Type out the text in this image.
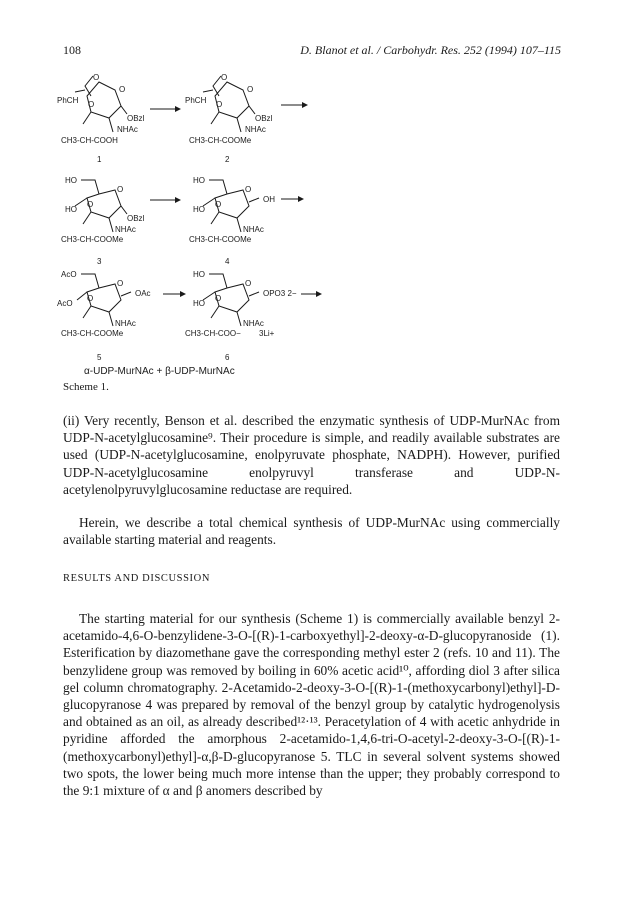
108	D. Blanot et al. / Carbohydr. Res. 252 (1994) 107–115
O
O
PhCH O
OBzl
NHAc
CH3-CH-COOH
1
O
O
PhCH O
OBzl
NHAc
CH3-CH-COOMe
2
HO
O
HO
O
OBzl
NHAc
CH3-CH-COOMe
3
HO
O
HO
O
OH
NHAc
CH3-CH-COOMe
4
AcO
O
AcO
O
OAc
NHAc
CH3-CH-COOMe
5
HO
O
HO
O
OPO3 2−
NHAc
CH3-CH-COO− 3Li+
6
α-UDP-MurNAc + β-UDP-MurNAc
Scheme 1.

(ii) Very recently, Benson et al. described the enzymatic synthesis of UDP-MurNAc from UDP-N-acetylglucosamine⁹. Their procedure is simple, and readily available substrates are used (UDP-N-acetylglucosamine, enolpyruvate phosphate, NADPH). However, purified UDP-N-acetylglucosamine enolpyruvyl transferase and UDP-N-acetylenolpyruvylglucosamine reductase are required.

Herein, we describe a total chemical synthesis of UDP-MurNAc using commercially available starting material and reagents.

RESULTS AND DISCUSSION

The starting material for our synthesis (Scheme 1) is commercially available benzyl 2-acetamido-4,6-O-benzylidene-3-O-[(R)-1-carboxyethyl]-2-deoxy-α-D-glucopyranoside (1). Esterification by diazomethane gave the corresponding methyl ester 2 (refs. 10 and 11). The benzylidene group was removed by boiling in 60% acetic acid¹⁰, affording diol 3 after silica gel column chromatography. 2-Acetamido-2-deoxy-3-O-[(R)-1-(methoxycarbonyl)ethyl]-D-glucopyranose 4 was prepared by removal of the benzyl group by catalytic hydrogenolysis and obtained as an oil, as already described¹²·¹³. Peracetylation of 4 with acetic anhydride in pyridine afforded the amorphous 2-acetamido-1,4,6-tri-O-acetyl-2-deoxy-3-O-[(R)-1-(methoxycarbonyl)ethyl]-α,β-D-glucopyranose 5. TLC in several solvent systems showed two spots, the lower being much more intense than the upper; they probably correspond to the 9:1 mixture of α and β anomers described by
